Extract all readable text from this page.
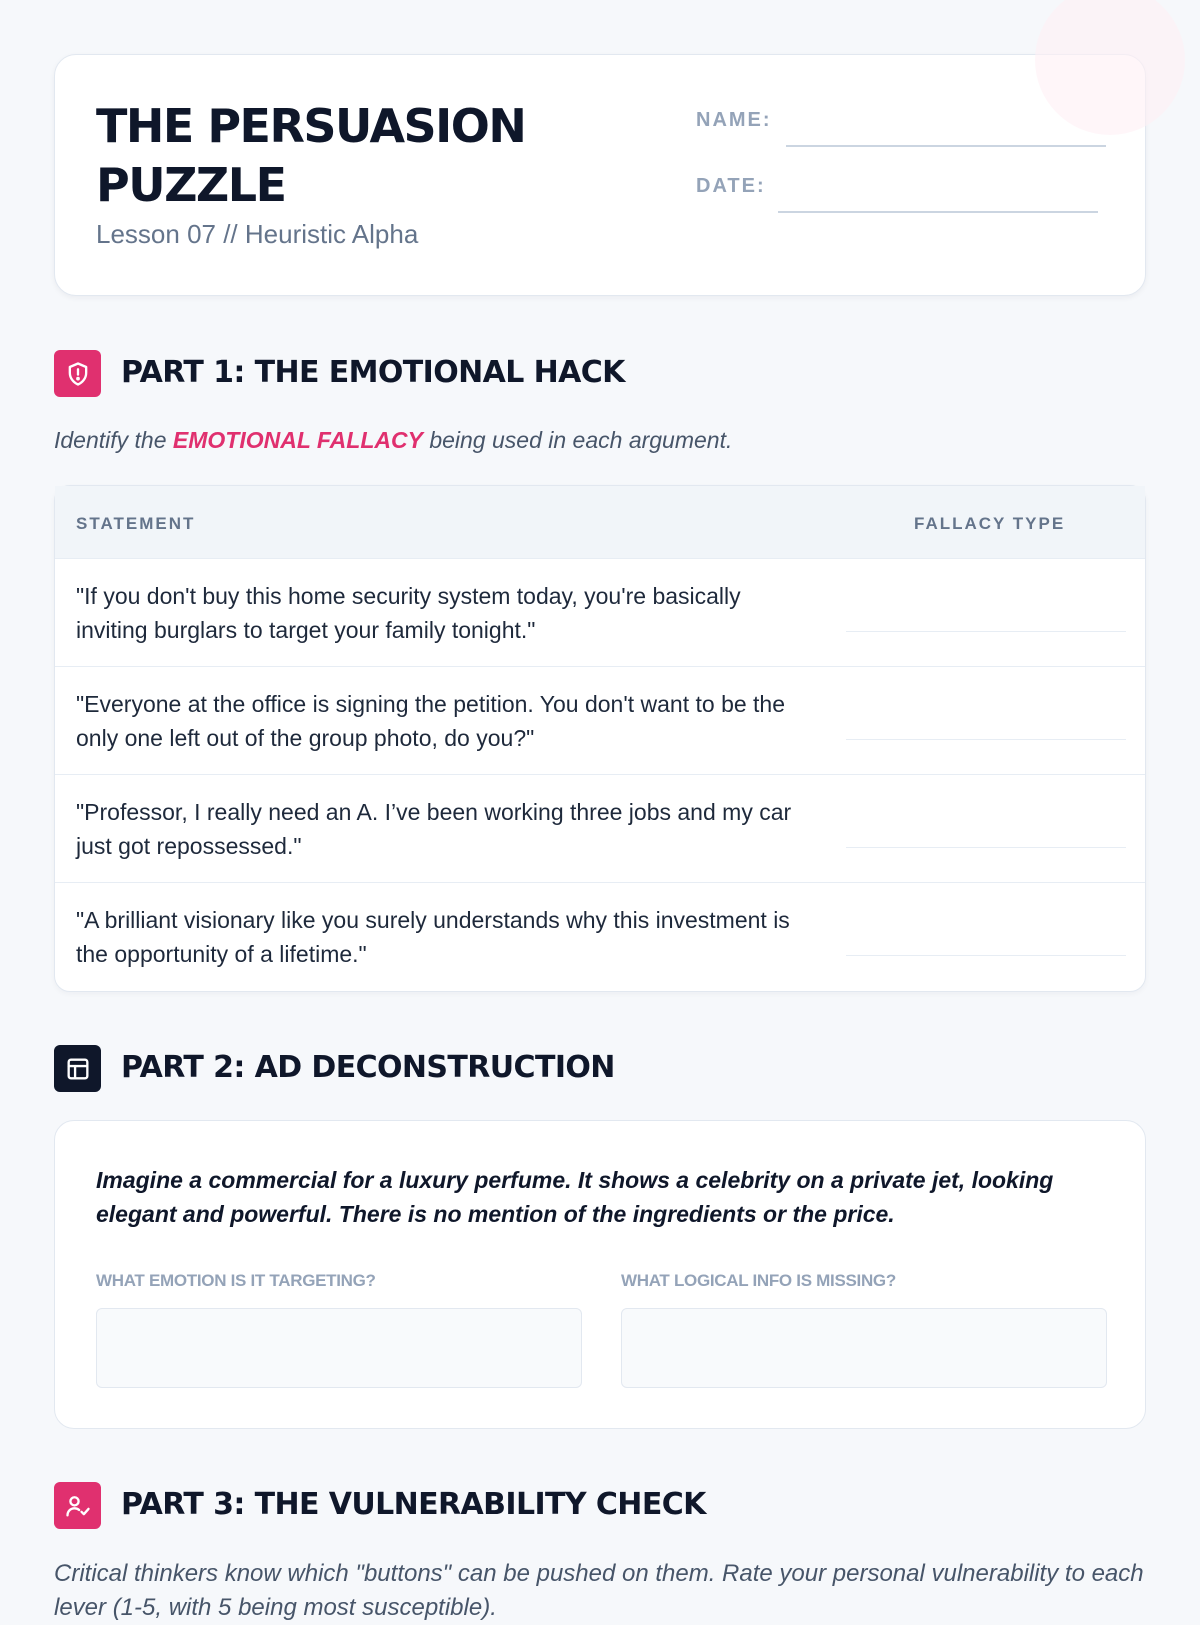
THE PERSUASION PUZZLE
Lesson 07 // Heuristic Alpha
NAME:
DATE:
PART 1: THE EMOTIONAL HACK

Identify the EMOTIONAL FALLACY being used in each argument.

STATEMENT	FALLACY TYPE
"If you don't buy this home security system today, you're basically inviting burglars to target your family tonight."
"Everyone at the office is signing the petition. You don't want to be the only one left out of the group photo, do you?"
"Professor, I really need an A. I’ve been working three jobs and my car just got repossessed."
"A brilliant visionary like you surely understands why this investment is the opportunity of a lifetime."
PART 2: AD DECONSTRUCTION

Imagine a commercial for a luxury perfume. It shows a celebrity on a private jet, looking elegant and powerful. There is no mention of the ingredients or the price.

WHAT EMOTION IS IT TARGETING?	WHAT LOGICAL INFO IS MISSING?
PART 3: THE VULNERABILITY CHECK

Critical thinkers know which "buttons" can be pushed on them. Rate your personal vulnerability to each lever (1-5, with 5 being most susceptible).
